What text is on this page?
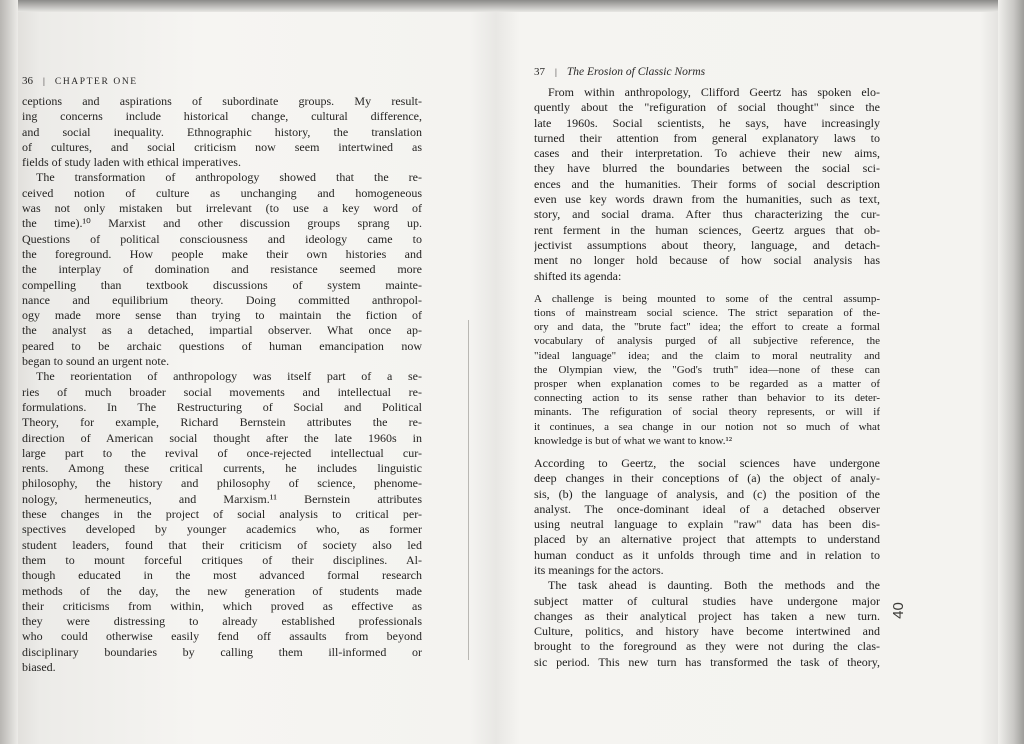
36 | CHAPTER ONE
ceptions and aspirations of subordinate groups. My result-
ing concerns include historical change, cultural difference,
and social inequality. Ethnographic history, the translation
of cultures, and social criticism now seem intertwined as
fields of study laden with ethical imperatives.
The transformation of anthropology showed that the re-
ceived notion of culture as unchanging and homogeneous
was not only mistaken but irrelevant (to use a key word of
the time).¹⁰ Marxist and other discussion groups sprang up.
Questions of political consciousness and ideology came to
the foreground. How people make their own histories and
the interplay of domination and resistance seemed more
compelling than textbook discussions of system mainte-
nance and equilibrium theory. Doing committed anthropol-
ogy made more sense than trying to maintain the fiction of
the analyst as a detached, impartial observer. What once ap-
peared to be archaic questions of human emancipation now
began to sound an urgent note.
The reorientation of anthropology was itself part of a se-
ries of much broader social movements and intellectual re-
formulations. In The Restructuring of Social and Political
Theory, for example, Richard Bernstein attributes the re-
direction of American social thought after the late 1960s in
large part to the revival of once-rejected intellectual cur-
rents. Among these critical currents, he includes linguistic
philosophy, the history and philosophy of science, phenome-
nology, hermeneutics, and Marxism.¹¹ Bernstein attributes
these changes in the project of social analysis to critical per-
spectives developed by younger academics who, as former
student leaders, found that their criticism of society also led
them to mount forceful critiques of their disciplines. Al-
though educated in the most advanced formal research
methods of the day, the new generation of students made
their criticisms from within, which proved as effective as
they were distressing to already established professionals
who could otherwise easily fend off assaults from beyond
disciplinary boundaries by calling them ill-informed or
biased.
37 | The Erosion of Classic Norms
From within anthropology, Clifford Geertz has spoken elo-
quently about the "refiguration of social thought" since the
late 1960s. Social scientists, he says, have increasingly
turned their attention from general explanatory laws to
cases and their interpretation. To achieve their new aims,
they have blurred the boundaries between the social sci-
ences and the humanities. Their forms of social description
even use key words drawn from the humanities, such as text,
story, and social drama. After thus characterizing the cur-
rent ferment in the human sciences, Geertz argues that ob-
jectivist assumptions about theory, language, and detach-
ment no longer hold because of how social analysis has
shifted its agenda:
A challenge is being mounted to some of the central assump-
tions of mainstream social science. The strict separation of the-
ory and data, the "brute fact" idea; the effort to create a formal
vocabulary of analysis purged of all subjective reference, the
"ideal language" idea; and the claim to moral neutrality and
the Olympian view, the "God's truth" idea—none of these can
prosper when explanation comes to be regarded as a matter of
connecting action to its sense rather than behavior to its deter-
minants. The refiguration of social theory represents, or will if
it continues, a sea change in our notion not so much of what
knowledge is but of what we want to know.¹²
According to Geertz, the social sciences have undergone
deep changes in their conceptions of (a) the object of analy-
sis, (b) the language of analysis, and (c) the position of the
analyst. The once-dominant ideal of a detached observer
using neutral language to explain "raw" data has been dis-
placed by an alternative project that attempts to understand
human conduct as it unfolds through time and in relation to
its meanings for the actors.
The task ahead is daunting. Both the methods and the
subject matter of cultural studies have undergone major
changes as their analytical project has taken a new turn.
Culture, politics, and history have become intertwined and
brought to the foreground as they were not during the clas-
sic period. This new turn has transformed the task of theory,
40
